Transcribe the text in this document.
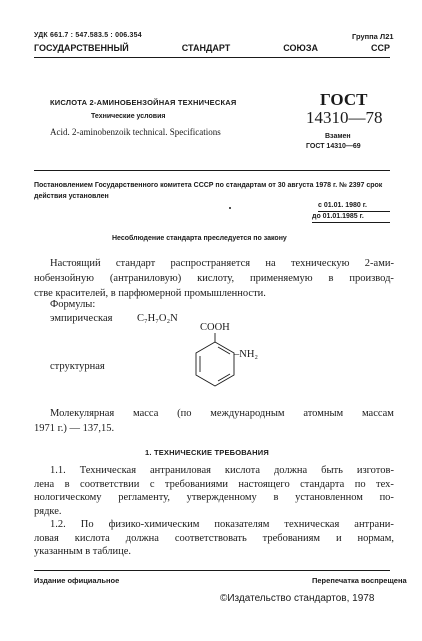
УДК 661.7 : 547.583.5 : 006.354	Группа Л21
ГОСУДАРСТВЕННЫЙ	СТАНДАРТ	СОЮЗА	ССР
КИСЛОТА 2-АМИНОБЕНЗОЙНАЯ ТЕХНИЧЕСКАЯ
Технические условия
Acid. 2-aminobenzoik technical. Specifications
ГОСТ
14310—78
Взамен
ГОСТ 14310—69
Постановлением Государственного комитета СССР по стандартам от 30 августа 1978 г. № 2397 срок действия установлен
с 01.01. 1980 г.
до 01.01.1985 г.
Несоблюдение стандарта преследуется по закону
Настоящий стандарт распространяется на техническую 2-ами-
нобензойную (антраниловую) кислоту, применяемую в производ-
стве
красителей,
в
парфюмерной
промышленности.
Формулы:
эмпирическая C₇H₇O₂N
структурная
COOH
–NH₂
Молекулярная масса (по международным атомным массам
1971 г.) — 137,15.
1. ТЕХНИЧЕСКИЕ ТРЕБОВАНИЯ
1.1. Техническая антраниловая кислота должна быть изготов-
лена в соответствии с требованиями настоящего стандарта по тех-
нологическому регламенту, утвержденному в установленном по-
рядке.
1.2. По физико-химическим показателям техническая антрани-
ловая кислота должна соответствовать требованиям и нормам,
указанным в таблице.
Издание официальное	Перепечатка воспрещена
©Издательство стандартов, 1978
